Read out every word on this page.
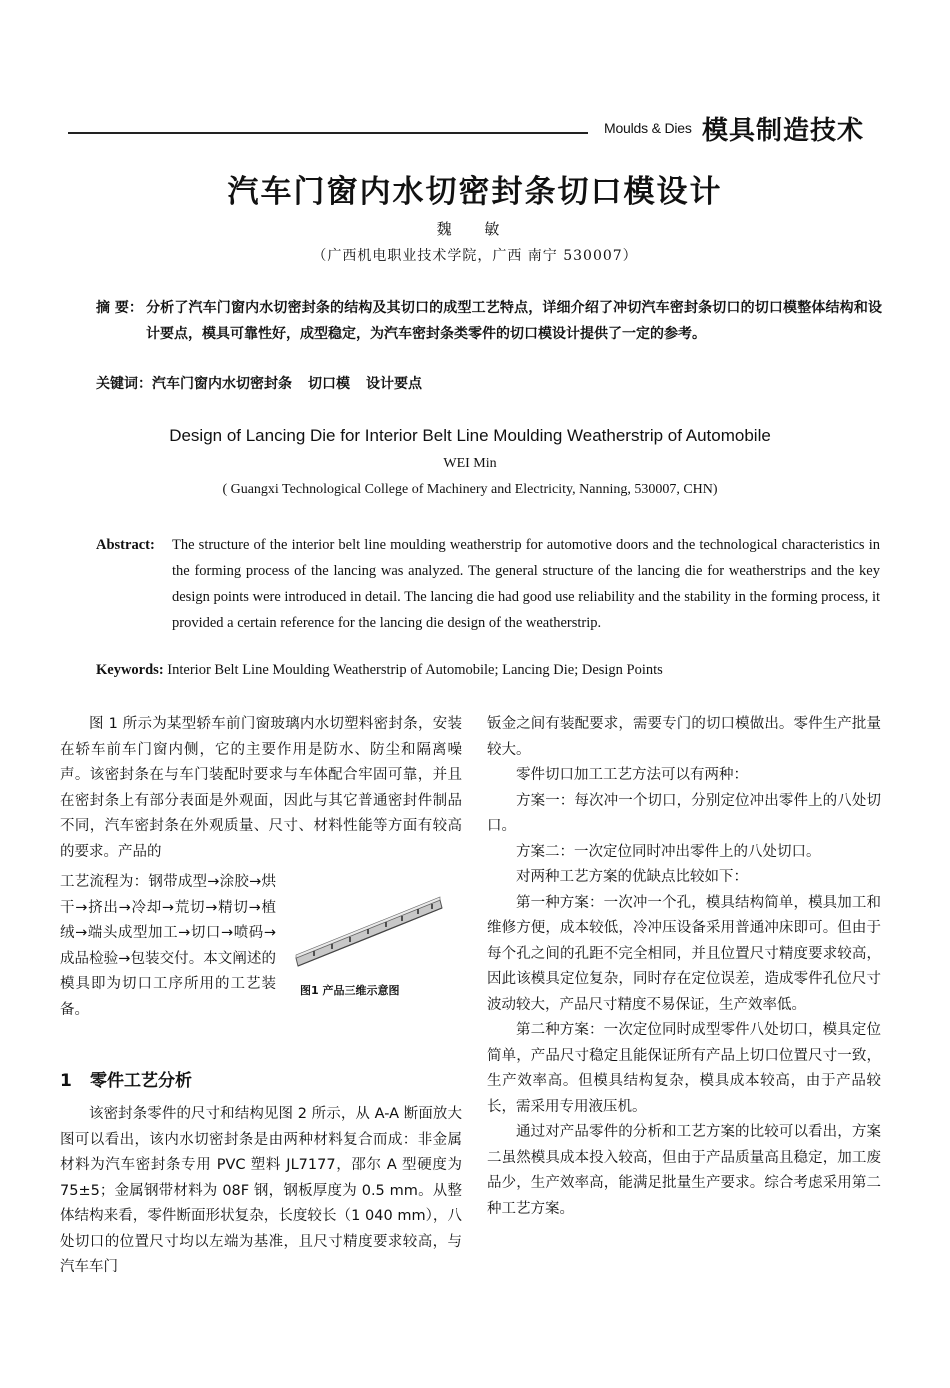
Moulds & Dies 模具制造技术
汽车门窗内水切密封条切口模设计
魏 敏
（广西机电职业技术学院，广西 南宁 530007）
摘 要： 分析了汽车门窗内水切密封条的结构及其切口的成型工艺特点，详细介绍了冲切汽车密封条切口的切口模整体结构和设计要点，模具可靠性好，成型稳定，为汽车密封条类零件的切口模设计提供了一定的参考。
关键词：汽车门窗内水切密封条 切口模 设计要点
Design of Lancing Die for Interior Belt Line Moulding Weatherstrip of Automobile
WEI Min
( Guangxi Technological College of Machinery and Electricity, Nanning, 530007, CHN)
Abstract: The structure of the interior belt line moulding weatherstrip for automotive doors and the technological characteristics in the forming process of the lancing was analyzed. The general structure of the lancing die for weatherstrips and the key design points were introduced in detail. The lancing die had good use reliability and the stability in the forming process, it provided a certain reference for the lancing die design of the weatherstrip.
Keywords: Interior Belt Line Moulding Weatherstrip of Automobile; Lancing Die; Design Points

图 1 所示为某型轿车前门窗玻璃内水切塑料密封条，安装在轿车前车门窗内侧，它的主要作用是防水、防尘和隔离噪声。该密封条在与车门装配时要求与车体配合牢固可靠，并且在密封条上有部分表面是外观面，因此与其它普通密封件制品不同，汽车密封条在外观质量、尺寸、材料性能等方面有较高的要求。产品的

工艺流程为：钢带成型→涂胶→烘干→挤出→冷却→荒切→精切→植绒→端头成型加工→切口→喷码→成品检验→包装交付。本文阐述的模具即为切口工序所用的工艺装备。

图1 产品三维示意图
1 零件工艺分析

该密封条零件的尺寸和结构见图 2 所示，从 A-A 断面放大图可以看出，该内水切密封条是由两种材料复合而成：非金属材料为汽车密封条专用 PVC 塑料 JL7177，邵尔 A 型硬度为 75±5；金属钢带材料为 08F 钢，钢板厚度为 0.5 mm。从整体结构来看，零件断面形状复杂，长度较长（1 040 mm），八处切口的位置尺寸均以左端为基准，且尺寸精度要求较高，与汽车车门

钣金之间有装配要求，需要专门的切口模做出。零件生产批量较大。

零件切口加工工艺方法可以有两种：

方案一：每次冲一个切口，分别定位冲出零件上的八处切口。

方案二：一次定位同时冲出零件上的八处切口。

对两种工艺方案的优缺点比较如下：

第一种方案：一次冲一个孔，模具结构简单，模具加工和维修方便，成本较低，冷冲压设备采用普通冲床即可。但由于每个孔之间的孔距不完全相同，并且位置尺寸精度要求较高，因此该模具定位复杂，同时存在定位误差，造成零件孔位尺寸波动较大，产品尺寸精度不易保证，生产效率低。

第二种方案：一次定位同时成型零件八处切口，模具定位简单，产品尺寸稳定且能保证所有产品上切口位置尺寸一致，生产效率高。但模具结构复杂，模具成本较高，由于产品较长，需采用专用液压机。

通过对产品零件的分析和工艺方案的比较可以看出，方案二虽然模具成本投入较高，但由于产品质量高且稳定，加工废品少，生产效率高，能满足批量生产要求。综合考虑采用第二种工艺方案。
